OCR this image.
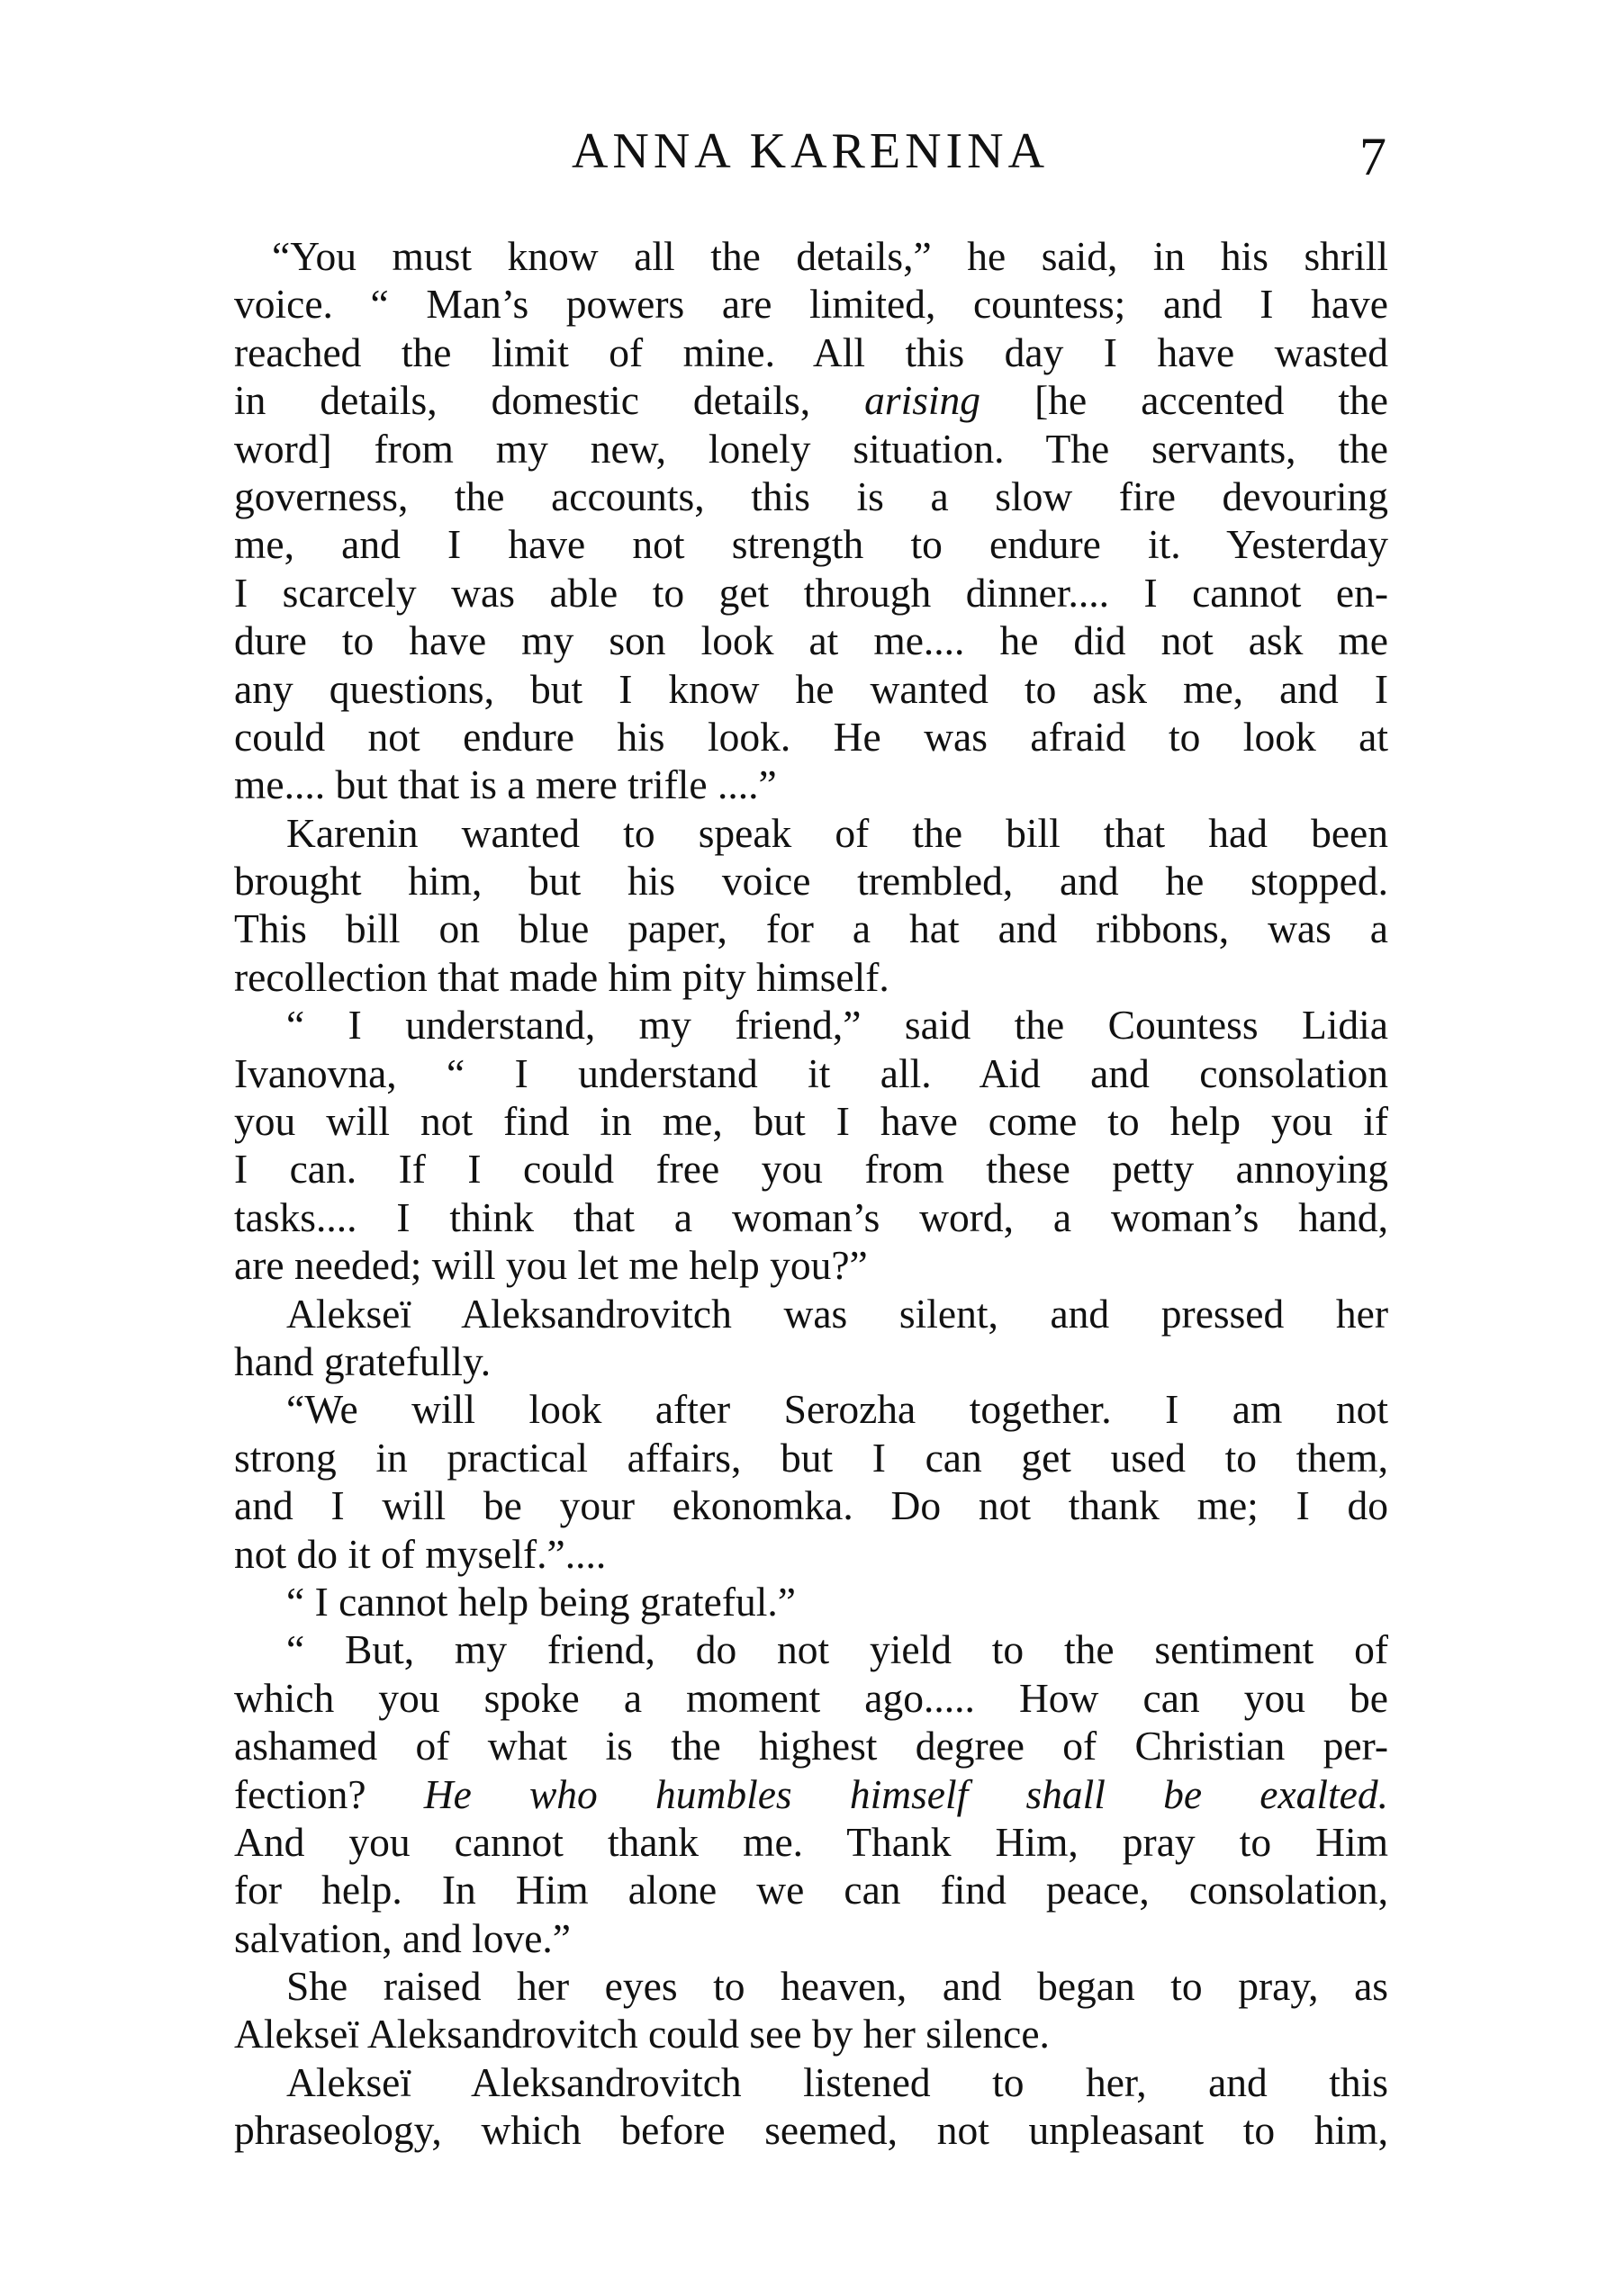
ANNA KARENINA	7
“You must know all the details,” he said, in his shrill
voice. “ Man’s powers are limited, countess; and I have
reached the limit of mine. All this day I have wasted
in details, domestic details, arising [he accented the
word] from my new, lonely situation. The servants, the
governess, the accounts, this is a slow fire devouring
me, and I have not strength to endure it. Yesterday
I scarcely was able to get through dinner.... I cannot en-
dure to have my son look at me.... he did not ask me
any questions, but I know he wanted to ask me, and I
could not endure his look. He was afraid to look at
me.... but that is a mere trifle ....”
Karenin wanted to speak of the bill that had been
brought him, but his voice trembled, and he stopped.
This bill on blue paper, for a hat and ribbons, was a
recollection that made him pity himself.
“ I understand, my friend,” said the Countess Lidia
Ivanovna, “ I understand it all. Aid and consolation
you will not find in me, but I have come to help you if
I can. If I could free you from these petty annoying
tasks.... I think that a woman’s word, a woman’s hand,
are needed; will you let me help you?”
Alekseï Aleksandrovitch was silent, and pressed her
hand gratefully.
“We will look after Serozha together. I am not
strong in practical affairs, but I can get used to them,
and I will be your ekonomka. Do not thank me; I do
not do it of myself.”....
“ I cannot help being grateful.”
“ But, my friend, do not yield to the sentiment of
which you spoke a moment ago..... How can you be
ashamed of what is the highest degree of Christian per-
fection? He who humbles himself shall be exalted.
And you cannot thank me. Thank Him, pray to Him
for help. In Him alone we can find peace, consolation,
salvation, and love.”
She raised her eyes to heaven, and began to pray, as
Alekseï Aleksandrovitch could see by her silence.
Alekseï Aleksandrovitch listened to her, and this
phraseology, which before seemed, not unpleasant to him,
